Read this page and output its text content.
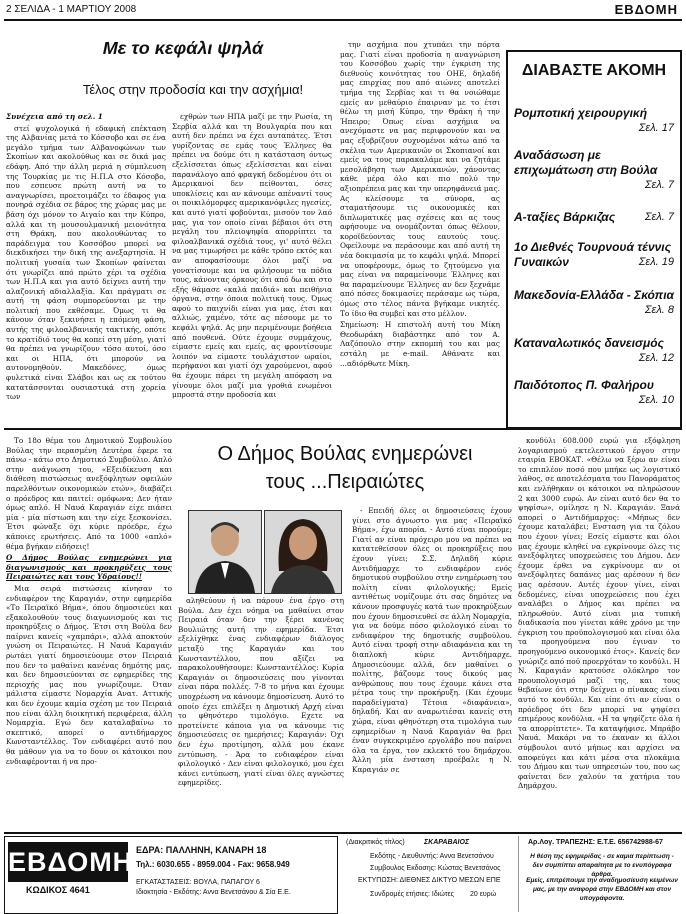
2 ΣΕΛΙΔΑ - 1 ΜΑΡΤΙΟΥ 2008	ΕΒΔΟΜΗ
Με το κεφάλι ψηλά
Τέλος στην προδοσία και την ασχήμια!

Συνέχεια από τη σελ. 1

στεί ψυχολογικά ή εδαφική επέκταση της Αλβανίας μετά το Κόσσοβο και σε ένα μεγάλο τμήμα των Αλβανοφώνων των Σκοπίων και ακολούθως και σε δικά μας εδάφη. Από την άλλη μεριά η σύμπλευση της Τουρκίας με τις Η.Π.Α στο Κόσοβο, που εσπευσε πρώτη αυτή να το αναγνωρίσει, προετοιμάζει το έδαφος για πονηρά σχέδια σε βάρος της χώρας μας με βάση όχι μόνον το Αιγαίο και την Κύπρο, αλλά και τη μουσουλμανική μειονότητα στη Θράκη, που ακολουθώντας το παράδειγμα του Κοσσόβου μπορεί να διεκδικήσει την δική της ανεξαρτησία. Η πολιτική γυσαία των Σκοπίων φαίνεται ότι γνωρίζει από πρώτο χέρι τα σχέδια των Η.Π.Α και για αυτό δείχνει αυτή την αλαζονική αδιαλλαξία. Και πράγματι σε αυτή τη φάση συμπορεύονται με την πολιτική που εκθέσαμε. Όμως τι θα κάνουν όταν ξεκινήσει η επόμενη φάση, αυτής της φιλοαλβανικής τακτικής, οπότε το κρατίδιό τους θα κοπεί στη μέση, γιατί θα πρέπει να γνωρίζουν τόσο αυτοί, όσο και οι ΗΠΑ, ότι μπορούν να αυτονομηθούν. Μακεδόνες, όμως φυλετικά είναι Σλάβοι και ως εκ τούτου κατατάσσονται ουσιαστικά στη χορεία των

εχθρών των ΗΠΑ μαζί με την Ρωσία, τη Σερβία αλλά και τη Βουλγαρία που και αυτή δεν πρέπει να έχει αυταπάτες. Έτσι γυρίζοντας σε εμάς τους Έλληνες θα πρέπει να δούμε ότι η κατάσταση όντως εξελίσσεται όπως εξελίσσεται και είναι παρανάλογο από φραγκή δεδομένου ότι οι Αμερικανοί δεν πείθονται, όσες υποκλίσεις και αν κάνουμε απέναντί τους οι ποικιλόμορφες αμερικανόφιλες ηγεσίες, και αυτό γιατί φοβούνται, μισούν τον λαό μας, για τον οποίο είναι βέβαιοι ότι στη μεγάλη του πλειοψηφία απορρίπτει τα φιλοαλβανικά σχέδιά τους, γι' αυτό θέλει να μας τιμωρήσει με κάθε τρόπο εκτός και αν αποφασίσουμε όλοι μαζί να γονατίσουμε και να φιλήσουμε τα πόδια τους, κάνοντας όρκους ότι από δω και στο εξής θάμασε «καλά παιδιά» και πειθήνια όργανα, στην όποια πολιτική τους. Όμως αφού το παιχνίδι είναι για μας, έτσι και αλλιώς, χαμένο, τότε ας πέσουμε με το κεφάλι ψηλά. Ας μην περιμένουμε βοήθεια από πουθενά. Ούτε έχουμε συμμάχους, είμαστε εμείς και εμείς, ας φροντίσουμε λοιπόν να είμαστε τουλάχιστον ωραίοι, περήφανοι και γιατί όχι χαρούμενοι, αφού θα έχουμε πάρει τη μεγάλη απόφαση να γίνουμε όλοι μαζί μια γροθιά ενωμένοι μπροστά στην προδοσία και

την ασχήμια που χτυπάει την πόρτα μας. Γιατί είναι προδοσία η αναγνώριση του Κοσσόβου χωρίς την έγκριση της διεθνούς κοινότητας του ΟΗΕ, δηλαδή μας επιρχίας που από αιώνες αποτελεί τμήμα της Σερβίας και τι θα νοιώθαμε εμείς αν μεθαύριο έπαιρναν με το έτσι θέλω τη μισή Κύπρο, την Θράκη ή την Ήπειρο; Όπως είναι ασχήμια να ανεχόμαστε να μας περιφρονούν και να μας εξυβρίζουν συχνομένοι κάτω από τα σκέλια των Αμερικανών οι Σκοπιανοί και εμείς να τους παρακαλάμε και να ζητάμε μεσολάβηση των Αμερικανών, χάνοντας κάθε μέρα όλο και πιο πολύ την αξιοπρέπεια μας και την υπερηφάνειά μας. Ας κλείσουμε τα σύνορα, ας σταματήσουμε τις οικονομικές και διπλωματικές μας σχέσεις και ας τους αφήσουμε να ονομάζονται όπως θέλουν, κοροϊδεύοντας τους εαυτούς τους. Οφείλουμε να περάσουμε και από αυτή τη νέα δοκιμασία με το κεφάλι ψηλά. Μπορεί να υποφέρουμε, όμως το ζητούμενο για μας είναι να παραμείνουμε Έλληνες και θα παραμείνουμε Έλληνες αν δεν ξεχνάμε από πόσες δοκιμασίες περάσαμε ως τώρα, όμως στο τέλος πάντα βγήκαμε νικητές. Το ίδιο θα συμβεί και στο μέλλον.

Σημείωση: Η επιστολή αυτή του Μίκη Θεοδωράκη διαβάστηκε από τον Α. Λαζόπουλο στην εκπομπή του και μας εστάλη με e-mail. Αθάνατε και ...αδιόρθωτε Μίκη.

ΔΙΑΒΑΣΤΕ ΑΚΟΜΗ
Ρομποτική χειρουργική

Σελ. 17
Αναδάσωση με επιχωμάτωση στη Βούλα

Σελ. 7
Α-ταξίες Βάρκιζας	Σελ. 7
1ο Διεθνές Τουρνουά τέννις Γυναικών	Σελ. 19
Μακεδονία-Ελλάδα - Σκόπια
Σελ. 8
Καταναλωτικός δανεισμός

Σελ. 12
Παιδότοπος Π. Φαλήρου

Σελ. 10
Ο Δήμος Βούλας ενημερώνει
τους ...Πειραιώτες

Το 18ο θέμα του Δημοτικού Συμβουλίου Βούλας την περασμένη Δευτέρα έφερε τα πάνω - κάτω στο Δημοτικό Συμβούλιο. Απλό στην ανάγνωση του, «Εξειδίκευση και διάθεση πιστώσεως ανεξόφλητων οφειλών παρελθόντων οικονομικών ετών», διαβάζει ο πρόεδρος και παιτεί: ομόφωνα; Δεν ήταν όμως απλό. Η Ναυά Καραγιάν είχε πιάσει μία - μία πίστωση και την είχε ξεσκονίσει. Έτσι φώναξε όχι κύριε πρόεδρε, έχω κάποιες ερωτήσεις. Από τα 1000 «απλό» θέμα βγήκαν ειδήσεις!

Ο Δήμος Βούλας ενημερώνει για διαγωνισμούς και προκηρύξεις τους Πειραιώτες και τους Υδραίους!!

Μια σειρά πιστώσεις κίνησαν το ενδιαφέρον της Καραγιάν, στην εφημερίδα «Το Πειραϊκό Βήμα», όπου δημοσιεύει και εξακολουθούν τους διαγωνισμούς και τις προκηρύξεις ο Δήμος. Έτσι στη Βούλα δεν παίρνει κανείς «χαμπάρι», αλλά αποκτούν γνώση οι Πειραιώτες. Η Ναυά Καραγιάν ρωτάει γιατί δημοσιεύουμε στον Πειραιά που δεν το μαθαίνει κανένας δημότης μας, και δεν δημοσιεύονται σε εφημερίδες της περιοχής μας που γνωρίζουμε. Όταν μάλιστα είμαστε Νομαρχία Ανατ. Αττικής και δεν έχουμε καμία σχέση με τον Πειραιά που είναι άλλη διοικητική περιφέρεια, άλλη Νομαρχία. Εγώ δεν καταλαβαίνω το σκεπτικό, απορεί ο αντιδήμαρχος Κωνσταντέλλος. Τον ενδιαφέρει αυτό που θα μάθουν για να το δουν οι κάτοικοι που ενδιαφέρονται ή να προ-

αληθεύουν ή να πάρουν ένα έργο στη Βούλα. Δεν έχει νόημα να μαθαίνει στον Πειραιά όταν δεν την ξέρει κανένας Βουλιώτης αυτή την εφημερίδα. Έτσι εξελίχθηκε ένας ενδιαφέρων διάλογος μεταξύ της Καραγιάν και του Κωνσταντέλλου, που αξίζει να παρακολουθήσουμε: Κωνσταντέλλος: Κυρία Καραγιάν οι δημοσιεύσεις που γίνονται είναι πάρα πολλές. 7-8 το μήνα και έχουμε υποχρέωση να κάνουμε δημοσίευση. Αυτό το οποίο έχει επιλέξει η Δημοτική Αρχή είναι το φθηνότερο τιμολόγιο. Εχετε να προτείνετε κάποια για να κάνουμε τις δημοσιεύσεις σε ημερήσιες; Καραγιάν: Όχι δεν έχω προτίμηση, αλλά μου έκανε εντύπωση. - Άρα το ενδιαφέρον είναι φιλολογικό - Δεν είναι φιλολογικό, μου έχει κάνει εντύπωση, γιατί είναι όλες αγνώστες εφημερίδες.

- Επειδή όλες οι δημοσιεύσεις έχουν γίνει στο άγνωστο για μας «Πειραϊκό Βήμα», έχω απορία. - Αυτό είναι πορούμε; Γιατί αν είναι πρόχειρο μου να πρέπει να κατατεθείσουν όλες οι προκηρύξεις που έχουν γίνει; Σ.Σ. Δηλαδή κύριε Αντιδήμαρχε το ενδιαφέρον ενός δημοτικού συμβούλου στην ενημέρωση του πολίτη είναι φιλολογικής; Εμείς αντιθέτως νομίζουμε ότι σας δημότες να κάνουν προσφυγές κατά των προκηρύξεων που έχουν δημοσιευθεί σε άλλη Νομαρχία, για να δούμε πόσο φιλολογικό είναι το ενδιαφέρον της δημοτικής συμβούλου. Αυτό είναι τροφή στην αδιαφάνεια και τη διαπλοκή κύριε Αντιδήμαρχε. Δημοσιεύουμε αλλά, δεν μαθαίνει ο πολίτης, βάζουμε τους δικούς μας ανθρώπους που τους έχουμε κάνει στα μέτρα τους την προκήρυξη. (Και έχουμε παραδείγματα) Τέτοια «διαφάνεια», δηλαδή. Και αν αναρωτιέσαι κανείς στη χώρα, είναι φθηνότερη στα τιμολόγια των εφημερίδων η Ναυά Καραγιάν θα βρει έναν συγκεκριμένο εργολάβο που παίρνει όλα τα έργα, τον εκλεκτό του δημάρχου. Άλλη μία ένσταση προέβαλε η Ν. Καραγιάν σε

κονδύλι 608.000 ευρώ για εξόφληση λογαριασμού εκτελεστικού έργου στην εταιρία ΕΒΟΚΑΤ. «Θέλω να ξέρω αν είναι το επιπλέον ποσό που μπήκε ως λογιστικό λάθος, σε αποτελέσματα του Πανοράματος και ενλήθηκαν οι κάτοικοι να πληρώσουν 2 και 3000 ευρώ. Αν είναι αυτό δεν θα το ψηφίσω», ομίλησε η Ν. Καραγιάν. Ξανά απορεί ο Αντιδήμαρχος: «Μήπως δεν έχουμε καταλάβει; Ενσταση για τα ζόλου που έχουν γίνει; Εσείς είμαστε και όλοι μας έχουμε κληθεί να εγκρίνουμε όλες τις ανεξόφλητες υποχρεώσεις του Δήμου. Δεν έχουμε έρθει να εγκρίνουμε αν οι ανεξόφλητες δαπάνες μας αρέσουν ή δεν μας αρέσουν. Αυτές έχουν γίνει, είναι δεδομένες, είναι υποχρεώσεις που έχει αναλάβει ο Δήμος και πρέπει να πληρωθούν. Αυτό είναι μια τυπική διαδικασία που γίνεται κάθε χρόνο με την έγκριση του προϋπολογισμού και είναι όλα τα προηγούμενα που έγιναν το προηγούμενο οικονομικό έτος». Κανείς δεν γνώριζε από πού προερχόταν το κονδύλι. Η Ν. Καραγιάν κρατούσε ολόκληρο τον προυπολογισμό μαζί της, και τους θεβαίωνε ότι στην δείχνει ο πίνακας είναι αυτό το κονδύλι. Και είπε ότι αν είναι ο πρόεδρος ότι δεν μπορεί να ψηφίσει επιμέρους κονδύλια. «Η τα ψηφίζετε όλα ή τα απορρίπτετε». Τα καταψήφισε. Μπράβο Ναυά. Μακάρι να το έκαναν κι άλλοι σύμβουλοι αυτό μήπως και αρχίσει να αποφεύγει και κάτι μέσα στα πλοκάμια του Δήμου και των υπηρεσιών του, που ως φαίνεται δεν χαλούν τα χατήρια του Δημάρχου.

ΕΒΔΟΜΗ ΕΔΡΑ: ΠΑΛΛΗΝΗ, ΚΑΝΑΡΗ 18
Τηλ.: 6030.655 - 8959.004 - Fax: 9658.949
ΕΓΚΑΤΑΣΤΑΣΕΙΣ: ΒΟΥΛΑ, ΠΑΠΑΓΟΥ 6
Ιδιοκτησία - Εκδότης: Αννα Βενετσάνου & Σία Ε.Ε.
ΚΩΔΙΚΟΣ 4641
(Διακριτικός τίτλος)	ΣΚΑΡΑΒΑΙΟΣ
Εκδότης - Διευθυντής: Αννα Βενετσάνου
Συμβουλος Εκδοσης: Κώστας Βενετσάνος
ΕΚΤΥΠΩΣΗ: ΔΙΕΘΝΕΣ ΔΙΚΤΥΟ ΜΕΣΩΝ ΕΠΕ
Συνδρομές ετήσιες: Ιδιώτες 20 ευρώ
Αρ.Λογ. ΤΡΑΠΕΖΗΣ: Ε.Τ.Ε. 656742988-67
Η θέση της εφημερίδας - σε καμια περίπτωση - δεν συμπίπτει απαραίτητα με το ενυπόγραφα άρθρα.
Εμείς, επιτρέπουμε την αναδημοσίευση κειμένων μας, με την αναφορά στην ΕΒΔΟΜΗ και στον υπογράφοντα.
